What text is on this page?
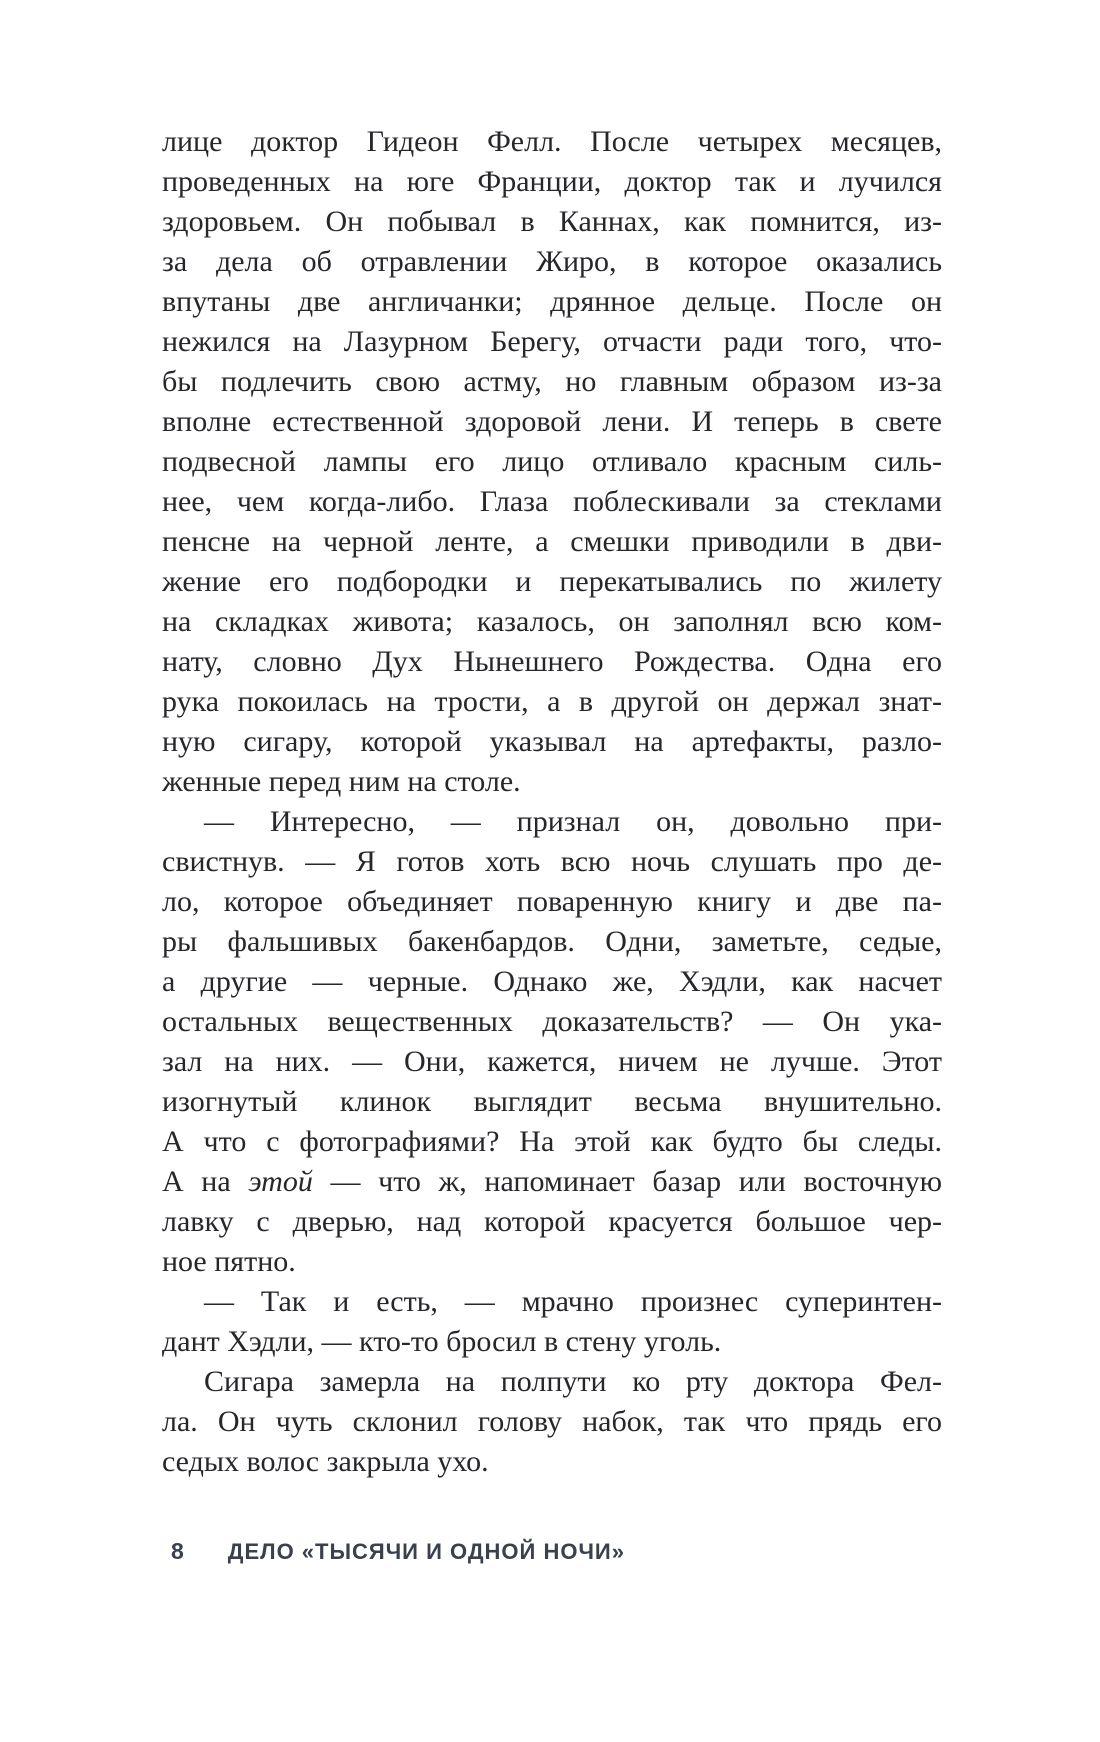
лице доктор Гидеон Фелл. После четырех месяцев,
проведенных на юге Франции, доктор так и лучился
здоровьем. Он побывал в Каннах, как помнится, из-
за дела об отравлении Жиро, в которое оказались
впутаны две англичанки; дрянное дельце. После он
нежился на Лазурном Берегу, отчасти ради того, что-
бы подлечить свою астму, но главным образом из-за
вполне естественной здоровой лени. И теперь в свете
подвесной лампы его лицо отливало красным силь-
нее, чем когда-либо. Глаза поблескивали за стеклами
пенсне на черной ленте, а смешки приводили в дви-
жение его подбородки и перекатывались по жилету
на складках живота; казалось, он заполнял всю ком-
нату, словно Дух Нынешнего Рождества. Одна его
рука покоилась на трости, а в другой он держал знат-
ную сигару, которой указывал на артефакты, разло-
женные перед ним на столе.
— Интересно, — признал он, довольно при-
свистнув. — Я готов хоть всю ночь слушать про де-
ло, которое объединяет поваренную книгу и две па-
ры фальшивых бакенбардов. Одни, заметьте, седые,
а другие — черные. Однако же, Хэдли, как насчет
остальных вещественных доказательств? — Он ука-
зал на них. — Они, кажется, ничем не лучше. Этот
изогнутый клинок выглядит весьма внушительно.
А что с фотографиями? На этой как будто бы следы.
А на этой — что ж, напоминает базар или восточную
лавку с дверью, над которой красуется большое чер-
ное пятно.
— Так и есть, — мрачно произнес суперинтен-
дант Хэдли, — кто-то бросил в стену уголь.
Сигара замерла на полпути ко рту доктора Фел-
ла. Он чуть склонил голову набок, так что прядь его
седых волос закрыла ухо.
8 ДЕЛО «ТЫСЯЧИ И ОДНОЙ НОЧИ»
